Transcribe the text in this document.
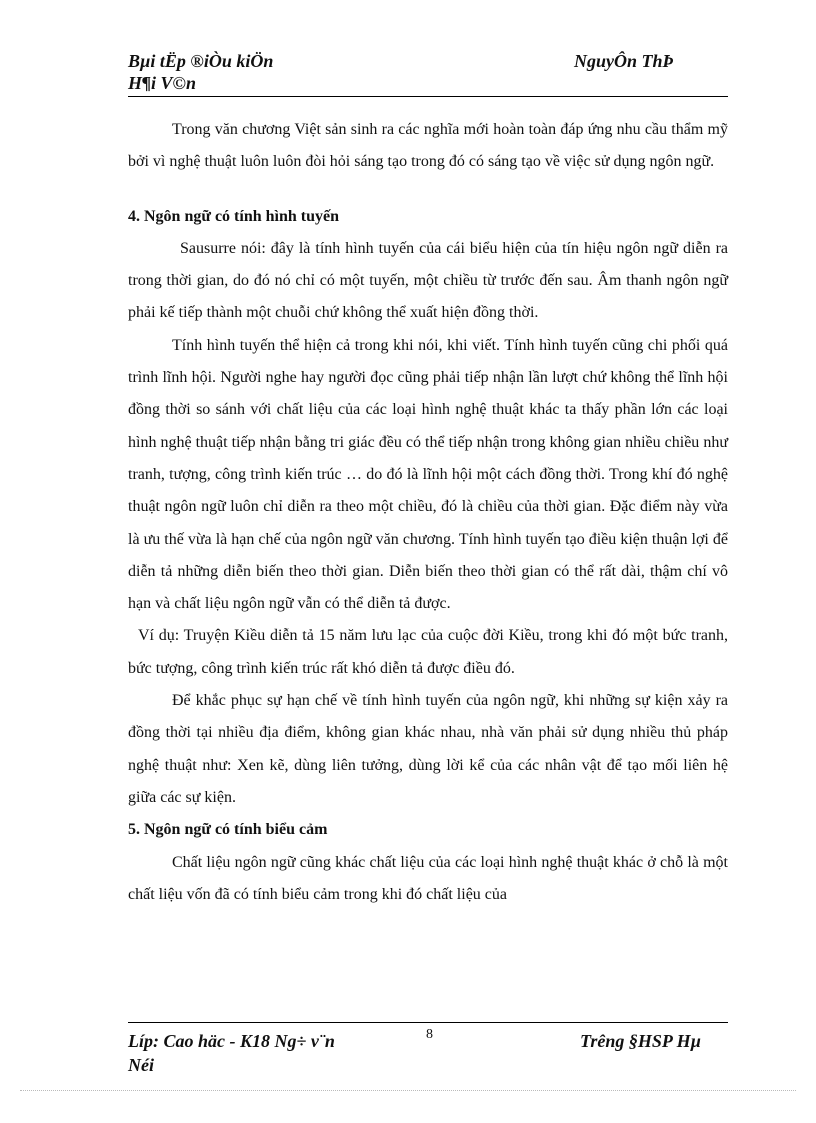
Bµi tËp ®iÒu kiÖn
H¶i V©n
NguyÔn ThÞ

Trong văn chương Việt sản sinh ra các nghĩa mới hoàn toàn đáp ứng nhu cầu thẩm mỹ bởi vì nghệ thuật luôn luôn đòi hỏi sáng tạo trong đó có sáng tạo về việc sử dụng ngôn ngữ.

4. Ngôn ngữ có tính hình tuyến

Sausurre nói: đây là tính hình tuyến của cái biểu hiện của tín hiệu ngôn ngữ diễn ra trong thời gian, do đó nó chỉ có một tuyến, một chiều từ trước đến sau. Âm thanh ngôn ngữ phải kế tiếp thành một chuỗi chứ không thể xuất hiện đồng thời.

Tính hình tuyến thể hiện cả trong khi nói, khi viết. Tính hình tuyến cũng chi phối quá trình lĩnh hội. Người nghe hay người đọc cũng phải tiếp nhận lần lượt chứ không thể lĩnh hội đồng thời so sánh với chất liệu của các loại hình nghệ thuật khác ta thấy phần lớn các loại hình nghệ thuật tiếp nhận bằng tri giác đều có thể tiếp nhận trong không gian nhiều chiều như tranh, tượng, công trình kiến trúc … do đó là lĩnh hội một cách đồng thời. Trong khí đó nghệ thuật ngôn ngữ luôn chỉ diễn ra theo một chiều, đó là chiều của thời gian. Đặc điểm này vừa là ưu thế vừa là hạn chế của ngôn ngữ văn chương. Tính hình tuyến tạo điều kiện thuận lợi để diễn tả những diễn biến theo thời gian. Diễn biến theo thời gian có thể rất dài, thậm chí vô hạn và chất liệu ngôn ngữ vẫn có thể diễn tả được.

Ví dụ: Truyện Kiều diễn tả 15 năm lưu lạc của cuộc đời Kiều, trong khi đó một bức tranh, bức tượng, công trình kiến trúc rất khó diễn tả được điều đó.

Để khắc phục sự hạn chế về tính hình tuyến của ngôn ngữ, khi những sự kiện xảy ra đồng thời tại nhiều địa điểm, không gian khác nhau, nhà văn phải sử dụng nhiều thủ pháp nghệ thuật như: Xen kẽ, dùng liên tưởng, dùng lời kể của các nhân vật để tạo mối liên hệ giữa các sự kiện.

5. Ngôn ngữ có tính biểu cảm

Chất liệu ngôn ngữ cũng khác chất liệu của các loại hình nghệ thuật khác ở chỗ là một chất liệu vốn đã có tính biểu cảm trong khi đó chất liệu của

Líp: Cao häc - K18 Ng÷ v¨n
Néi
8	Trêng §HSP Hµ
